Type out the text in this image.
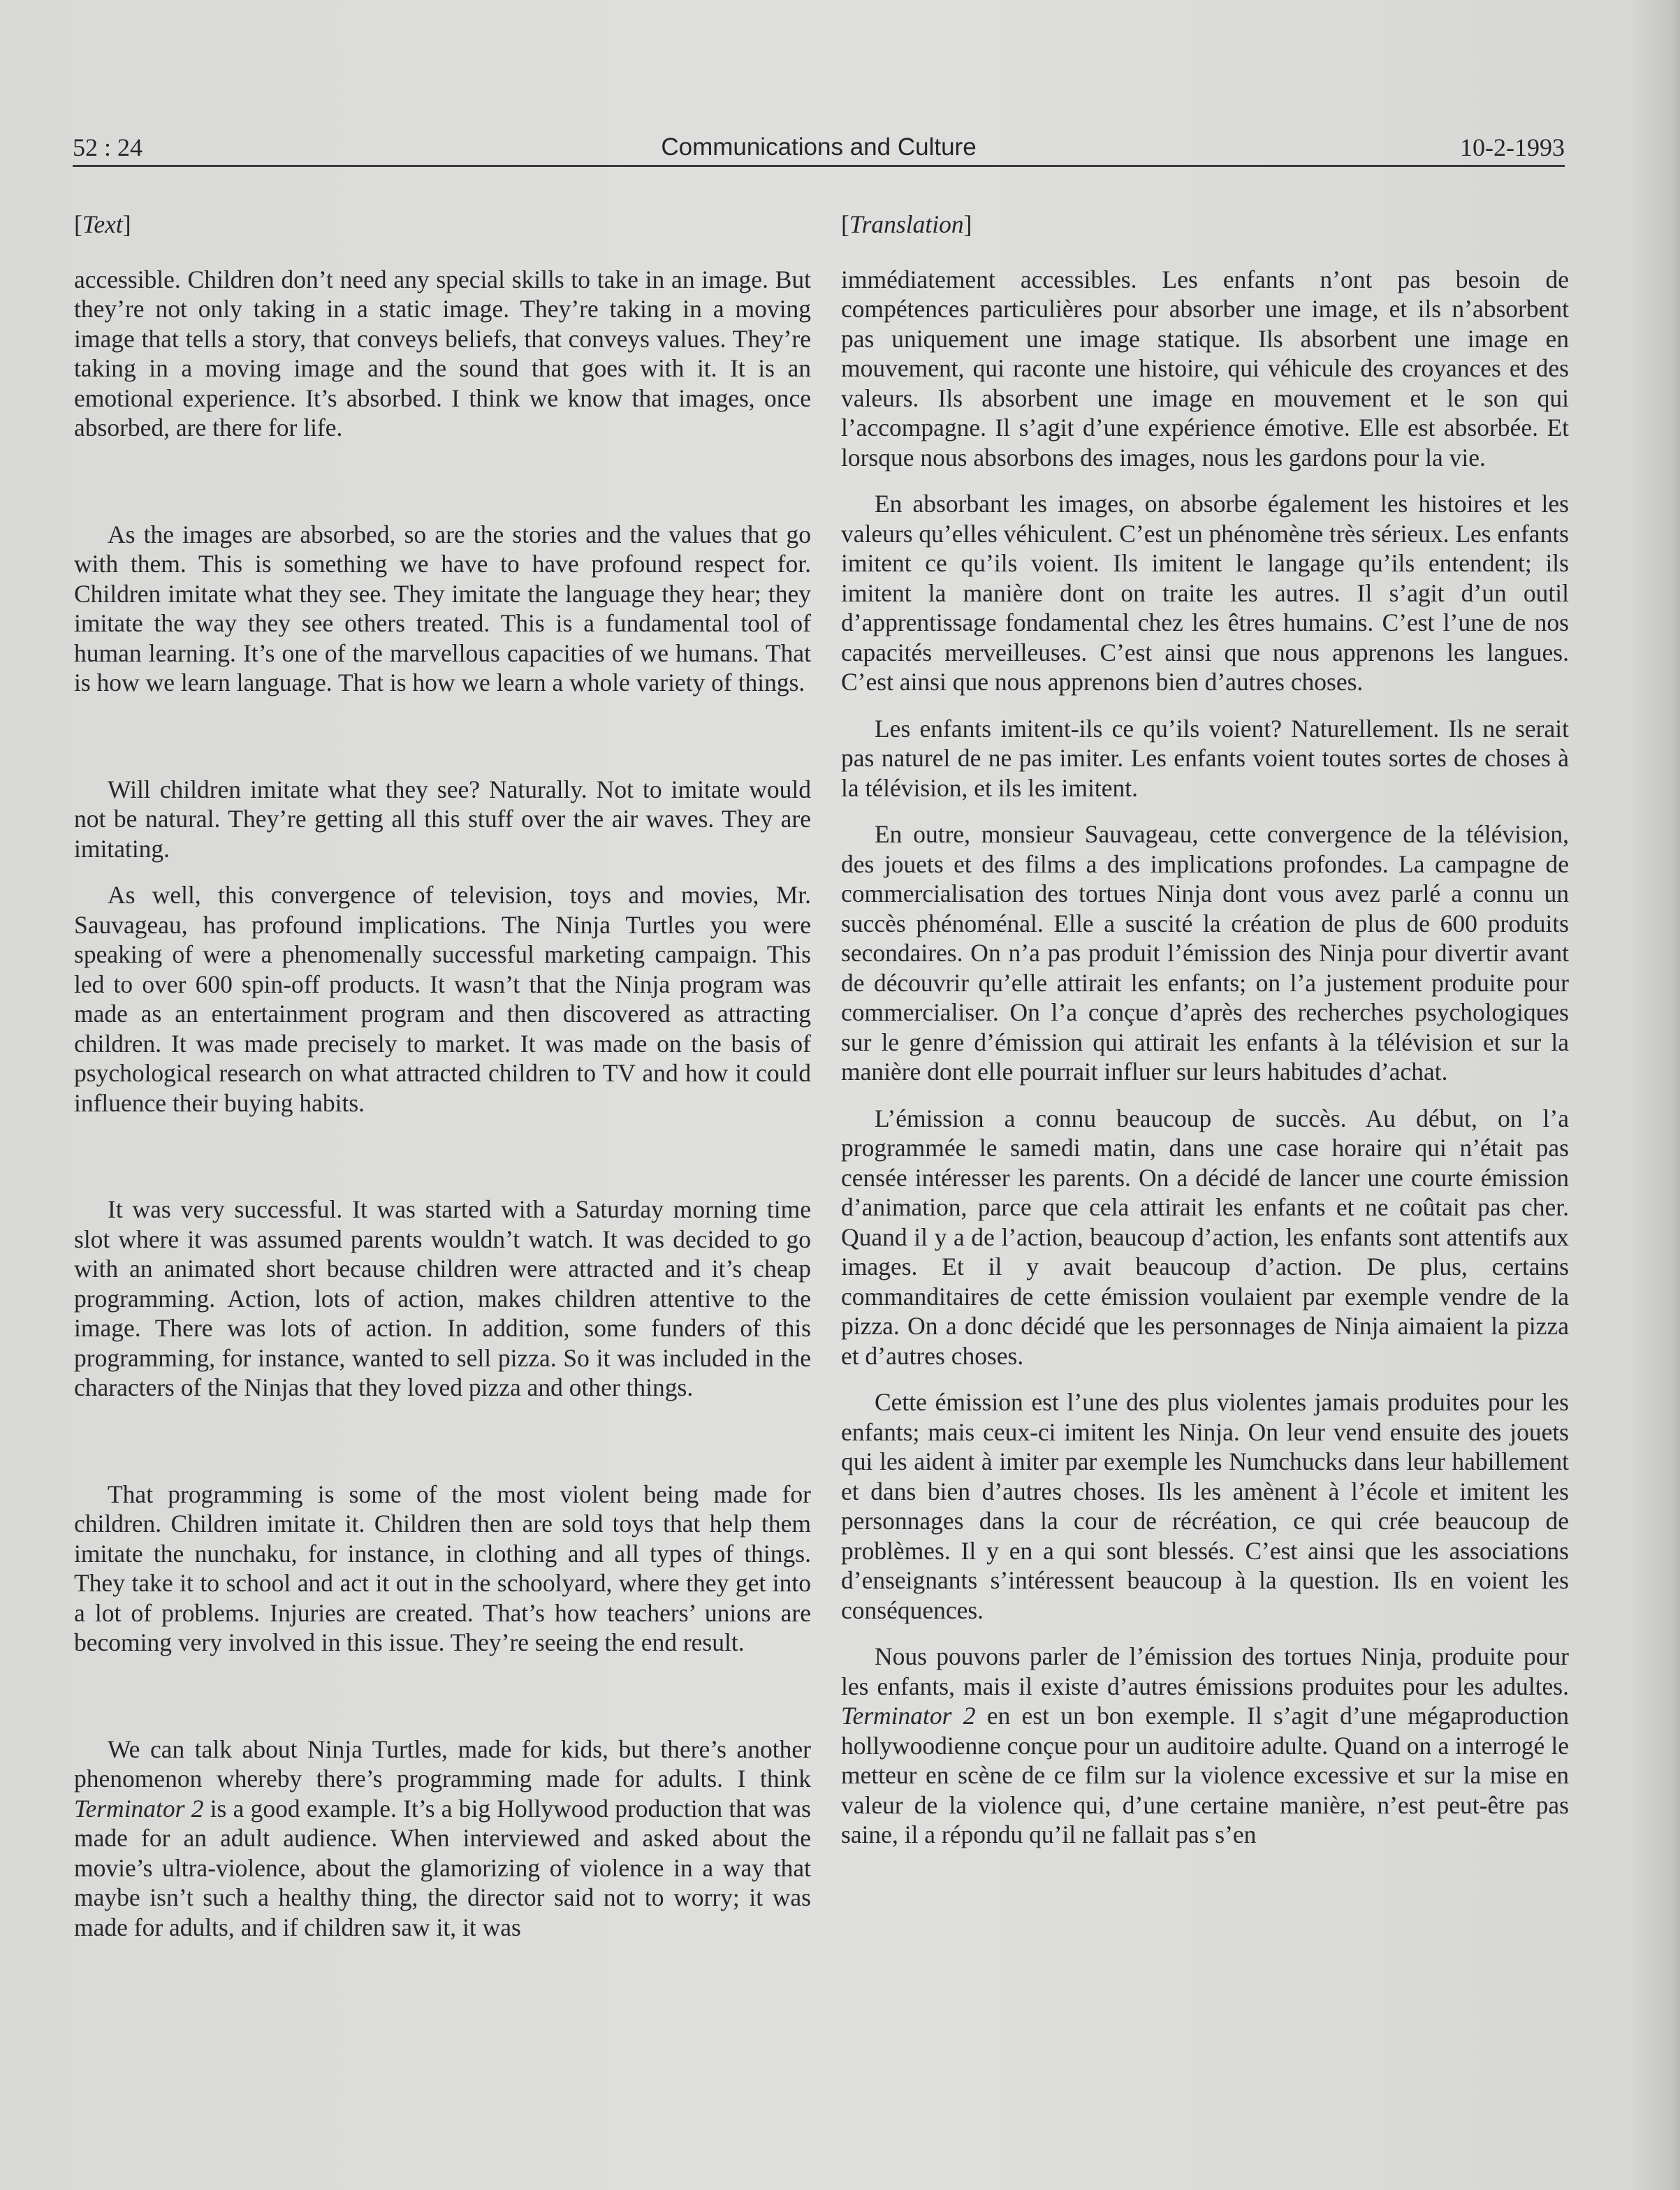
52 : 24	Communications and Culture	10-2-1993
[Text]

accessible. Children don’t need any special skills to take in an image. But they’re not only taking in a static image. They’re taking in a moving image that tells a story, that conveys beliefs, that conveys values. They’re taking in a moving image and the sound that goes with it. It is an emotional experience. It’s absorbed. I think we know that images, once absorbed, are there for life.

As the images are absorbed, so are the stories and the values that go with them. This is something we have to have profound respect for. Children imitate what they see. They imitate the language they hear; they imitate the way they see others treated. This is a fundamental tool of human learning. It’s one of the marvellous capacities of we humans. That is how we learn language. That is how we learn a whole variety of things.

Will children imitate what they see? Naturally. Not to imitate would not be natural. They’re getting all this stuff over the air waves. They are imitating.

As well, this convergence of television, toys and movies, Mr. Sauvageau, has profound implications. The Ninja Turtles you were speaking of were a phenomenally successful marketing campaign. This led to over 600 spin-off products. It wasn’t that the Ninja program was made as an entertainment program and then discovered as attracting children. It was made precisely to market. It was made on the basis of psychological research on what attracted children to TV and how it could influence their buying habits.

It was very successful. It was started with a Saturday morning time slot where it was assumed parents wouldn’t watch. It was decided to go with an animated short because children were attracted and it’s cheap programming. Action, lots of action, makes children attentive to the image. There was lots of action. In addition, some funders of this programming, for instance, wanted to sell pizza. So it was included in the characters of the Ninjas that they loved pizza and other things.

That programming is some of the most violent being made for children. Children imitate it. Children then are sold toys that help them imitate the nunchaku, for instance, in clothing and all types of things. They take it to school and act it out in the schoolyard, where they get into a lot of problems. Injuries are created. That’s how teachers’ unions are becoming very involved in this issue. They’re seeing the end result.

We can talk about Ninja Turtles, made for kids, but there’s another phenomenon whereby there’s programming made for adults. I think Terminator 2 is a good example. It’s a big Hollywood production that was made for an adult audience. When interviewed and asked about the movie’s ultra-violence, about the glamorizing of violence in a way that maybe isn’t such a healthy thing, the director said not to worry; it was made for adults, and if children saw it, it was

[Translation]

immédiatement accessibles. Les enfants n’ont pas besoin de compétences particulières pour absorber une image, et ils n’absorbent pas uniquement une image statique. Ils absorbent une image en mouvement, qui raconte une histoire, qui véhicule des croyances et des valeurs. Ils absorbent une image en mouvement et le son qui l’accompagne. Il s’agit d’une expérience émotive. Elle est absorbée. Et lorsque nous absorbons des images, nous les gardons pour la vie.

En absorbant les images, on absorbe également les histoires et les valeurs qu’elles véhiculent. C’est un phénomène très sérieux. Les enfants imitent ce qu’ils voient. Ils imitent le langage qu’ils entendent; ils imitent la manière dont on traite les autres. Il s’agit d’un outil d’apprentissage fondamental chez les êtres humains. C’est l’une de nos capacités merveilleuses. C’est ainsi que nous apprenons les langues. C’est ainsi que nous apprenons bien d’autres choses.

Les enfants imitent-ils ce qu’ils voient? Naturellement. Ils ne serait pas naturel de ne pas imiter. Les enfants voient toutes sortes de choses à la télévision, et ils les imitent.

En outre, monsieur Sauvageau, cette convergence de la télévision, des jouets et des films a des implications profondes. La campagne de commercialisation des tortues Ninja dont vous avez parlé a connu un succès phénoménal. Elle a suscité la création de plus de 600 produits secondaires. On n’a pas produit l’émission des Ninja pour divertir avant de découvrir qu’elle attirait les enfants; on l’a justement produite pour commercialiser. On l’a conçue d’après des recherches psychologiques sur le genre d’émission qui attirait les enfants à la télévision et sur la manière dont elle pourrait influer sur leurs habitudes d’achat.

L’émission a connu beaucoup de succès. Au début, on l’a programmée le samedi matin, dans une case horaire qui n’était pas censée intéresser les parents. On a décidé de lancer une courte émission d’animation, parce que cela attirait les enfants et ne coûtait pas cher. Quand il y a de l’action, beaucoup d’action, les enfants sont attentifs aux images. Et il y avait beaucoup d’action. De plus, certains commanditaires de cette émission voulaient par exemple vendre de la pizza. On a donc décidé que les personnages de Ninja aimaient la pizza et d’autres choses.

Cette émission est l’une des plus violentes jamais produites pour les enfants; mais ceux-ci imitent les Ninja. On leur vend ensuite des jouets qui les aident à imiter par exemple les Numchucks dans leur habillement et dans bien d’autres choses. Ils les amènent à l’école et imitent les personnages dans la cour de récréation, ce qui crée beaucoup de problèmes. Il y en a qui sont blessés. C’est ainsi que les associations d’enseignants s’intéressent beaucoup à la question. Ils en voient les conséquences.

Nous pouvons parler de l’émission des tortues Ninja, produite pour les enfants, mais il existe d’autres émissions produites pour les adultes. Terminator 2 en est un bon exemple. Il s’agit d’une mégaproduction hollywoodienne conçue pour un auditoire adulte. Quand on a interrogé le metteur en scène de ce film sur la violence excessive et sur la mise en valeur de la violence qui, d’une certaine manière, n’est peut-être pas saine, il a répondu qu’il ne fallait pas s’en
